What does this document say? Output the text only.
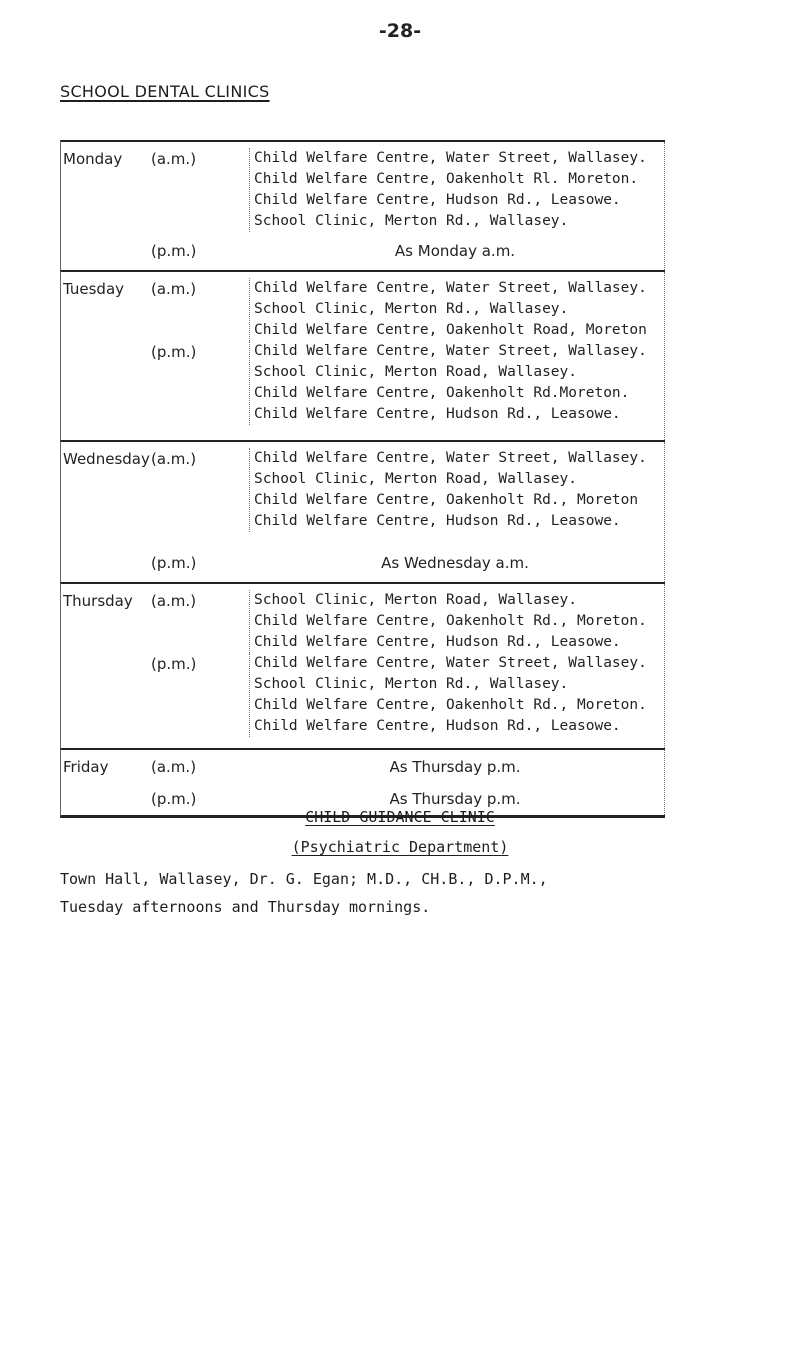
-28-
SCHOOL DENTAL CLINICS
Monday (a.m.)	Child Welfare Centre, Water Street, Wallasey.
Child Welfare Centre, Oakenholt Rl. Moreton.
Child Welfare Centre, Hudson Rd., Leasowe.
School Clinic, Merton Rd., Wallasey.
(p.m.)	As Monday a.m.
Tuesday (a.m.)	Child Welfare Centre, Water Street, Wallasey.
School Clinic, Merton Rd., Wallasey.
Child Welfare Centre, Oakenholt Road, Moreton
(p.m.)	Child Welfare Centre, Water Street, Wallasey.
School Clinic, Merton Road, Wallasey.
Child Welfare Centre, Oakenholt Rd.Moreton.
Child Welfare Centre, Hudson Rd., Leasowe.
Wednesday (a.m.)	Child Welfare Centre, Water Street, Wallasey.
School Clinic, Merton Road, Wallasey.
Child Welfare Centre, Oakenholt Rd., Moreton
Child Welfare Centre, Hudson Rd., Leasowe.
(p.m.)	As Wednesday a.m.
Thursday (a.m.)	School Clinic, Merton Road, Wallasey.
Child Welfare Centre, Oakenholt Rd., Moreton.
Child Welfare Centre, Hudson Rd., Leasowe.
(p.m.)	Child Welfare Centre, Water Street, Wallasey.
School Clinic, Merton Rd., Wallasey.
Child Welfare Centre, Oakenholt Rd., Moreton.
Child Welfare Centre, Hudson Rd., Leasowe.
Friday	(a.m.)	As Thursday p.m.
(p.m.)	As Thursday p.m.
CHILD GUIDANCE CLINIC
(Psychiatric Department)
Town Hall, Wallasey, Dr. G. Egan; M.D., CH.B., D.P.M.,
Tuesday afternoons and Thursday mornings.
